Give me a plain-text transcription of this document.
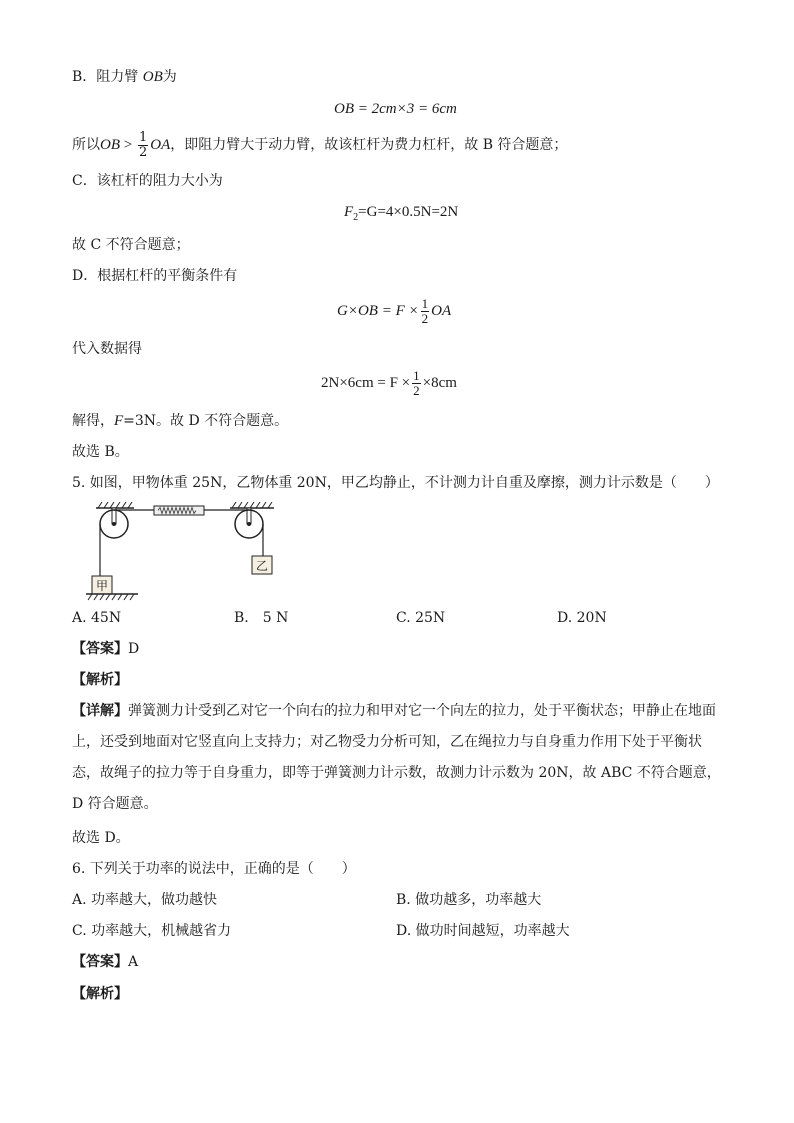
B．阻力臂 OB为
OB = 2cm×3 = 6cm
所以OB > $\frac{1}{2}$ OA，即阻力臂大于动力臂，故该杠杆为费力杠杆，故 B 符合题意；
C．该杠杆的阻力大小为
$F_2=G=4\times 0.5N=2N$
故 C 不符合题意；
D．根据杠杆的平衡条件有
$G\times OB = F \times \frac{1}{2}$ OA
代入数据得
$2N\times 6cm = F \times \frac{1}{2} \times 8cm$
解得，F=3N。故 D 不符合题意。
故选 B。
5. 如图，甲物体重 25N，乙物体重 20N，甲乙均静止，不计测力计自重及摩擦，测力计示数是（　　）
甲
乙
A. 45N	B.　5 N	C. 25N	D. 20N
【答案】D
【解析】
【详解】弹簧测力计受到乙对它一个向右的拉力和甲对它一个向左的拉力，处于平衡状态；甲静止在地面
上，还受到地面对它竖直向上支持力；对乙物受力分析可知，乙在绳拉力与自身重力作用下处于平衡状
态，故绳子的拉力等于自身重力，即等于弹簧测力计示数，故测力计示数为 20N，故 ABC 不符合题意，
D 符合题意。
故选 D。
6. 下列关于功率的说法中，正确的是（　　）
A. 功率越大，做功越快	B. 做功越多，功率越大
C. 功率越大，机械越省力	D. 做功时间越短，功率越大
【答案】A
【解析】
